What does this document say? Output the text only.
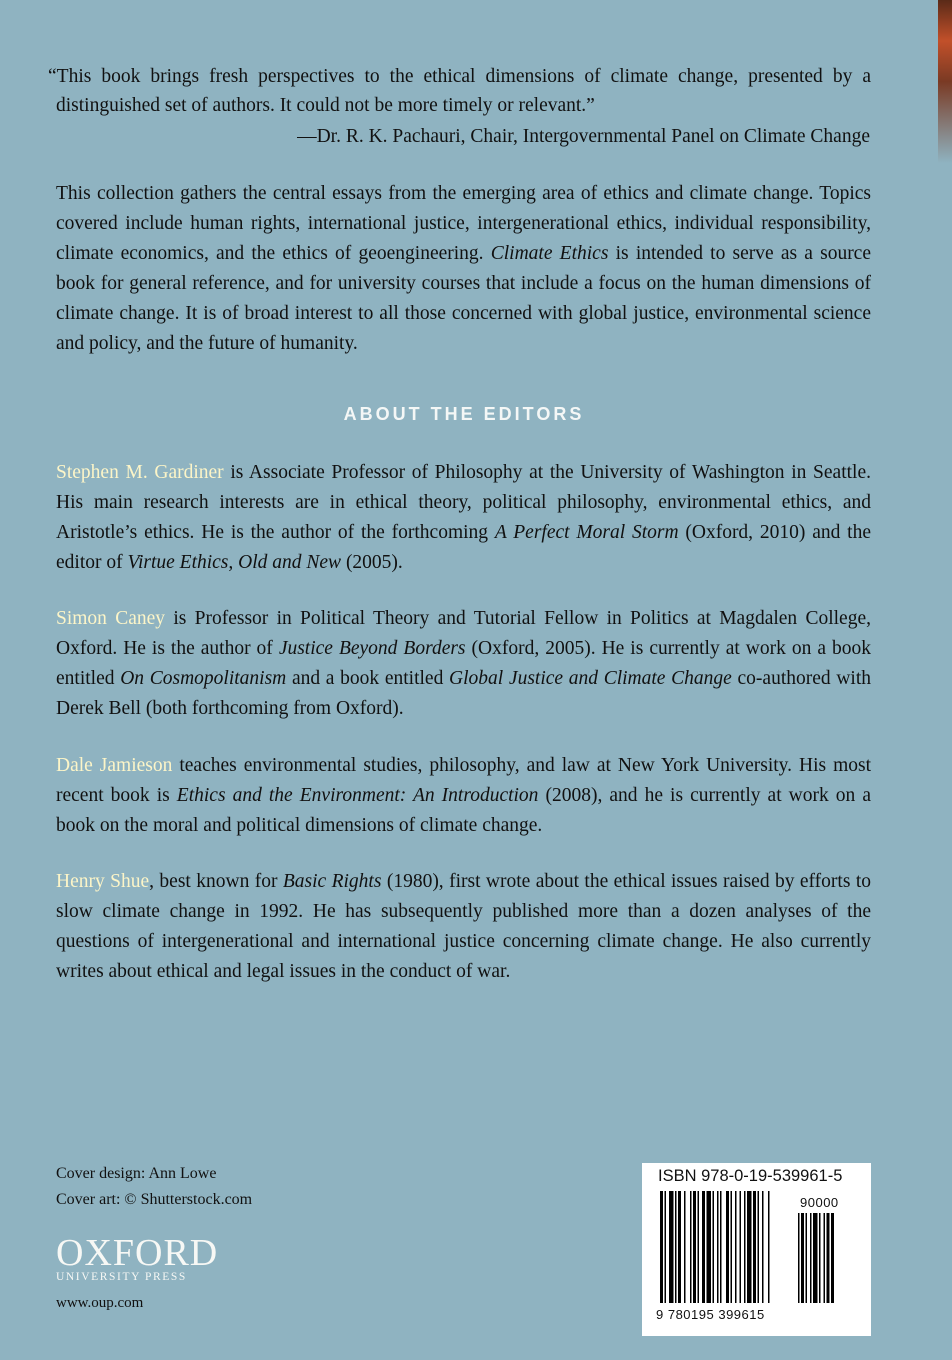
“This book brings fresh perspectives to the ethical dimensions of climate change, presented by a distinguished set of authors. It could not be more timely or relevant.”

—Dr. R. K. Pachauri, Chair, Intergovernmental Panel on Climate Change

This collection gathers the central essays from the emerging area of ethics and climate change. Topics covered include human rights, international justice, intergenerational ethics, individual responsibility, climate economics, and the ethics of geoengineering. Climate Ethics is intended to serve as a source book for general reference, and for university courses that include a focus on the human dimensions of climate change. It is of broad interest to all those concerned with global justice, environmental science and policy, and the future of humanity.

ABOUT THE EDITORS

Stephen M. Gardiner is Associate Professor of Philosophy at the University of Washington in Seattle. His main research interests are in ethical theory, political philosophy, environmental ethics, and Aristotle’s ethics. He is the author of the forthcoming A Perfect Moral Storm (Oxford, 2010) and the editor of Virtue Ethics, Old and New (2005).

Simon Caney is Professor in Political Theory and Tutorial Fellow in Politics at Magdalen College, Oxford. He is the author of Justice Beyond Borders (Oxford, 2005). He is currently at work on a book entitled On Cosmopolitanism and a book entitled Global Justice and Climate Change co-authored with Derek Bell (both forthcoming from Oxford).

Dale Jamieson teaches environmental studies, philosophy, and law at New York University. His most recent book is Ethics and the Environment: An Introduction (2008), and he is currently at work on a book on the moral and political dimensions of climate change.

Henry Shue, best known for Basic Rights (1980), first wrote about the ethical issues raised by efforts to slow climate change in 1992. He has subsequently published more than a dozen analyses of the questions of intergenerational and international justice concerning climate change. He also currently writes about ethical and legal issues in the conduct of war.

Cover design: Ann Lowe
Cover art: © Shutterstock.com
OXFORD
UNIVERSITY PRESS

www.oup.com

ISBN 978-0-19-539961-5
90000
9 780195 399615
